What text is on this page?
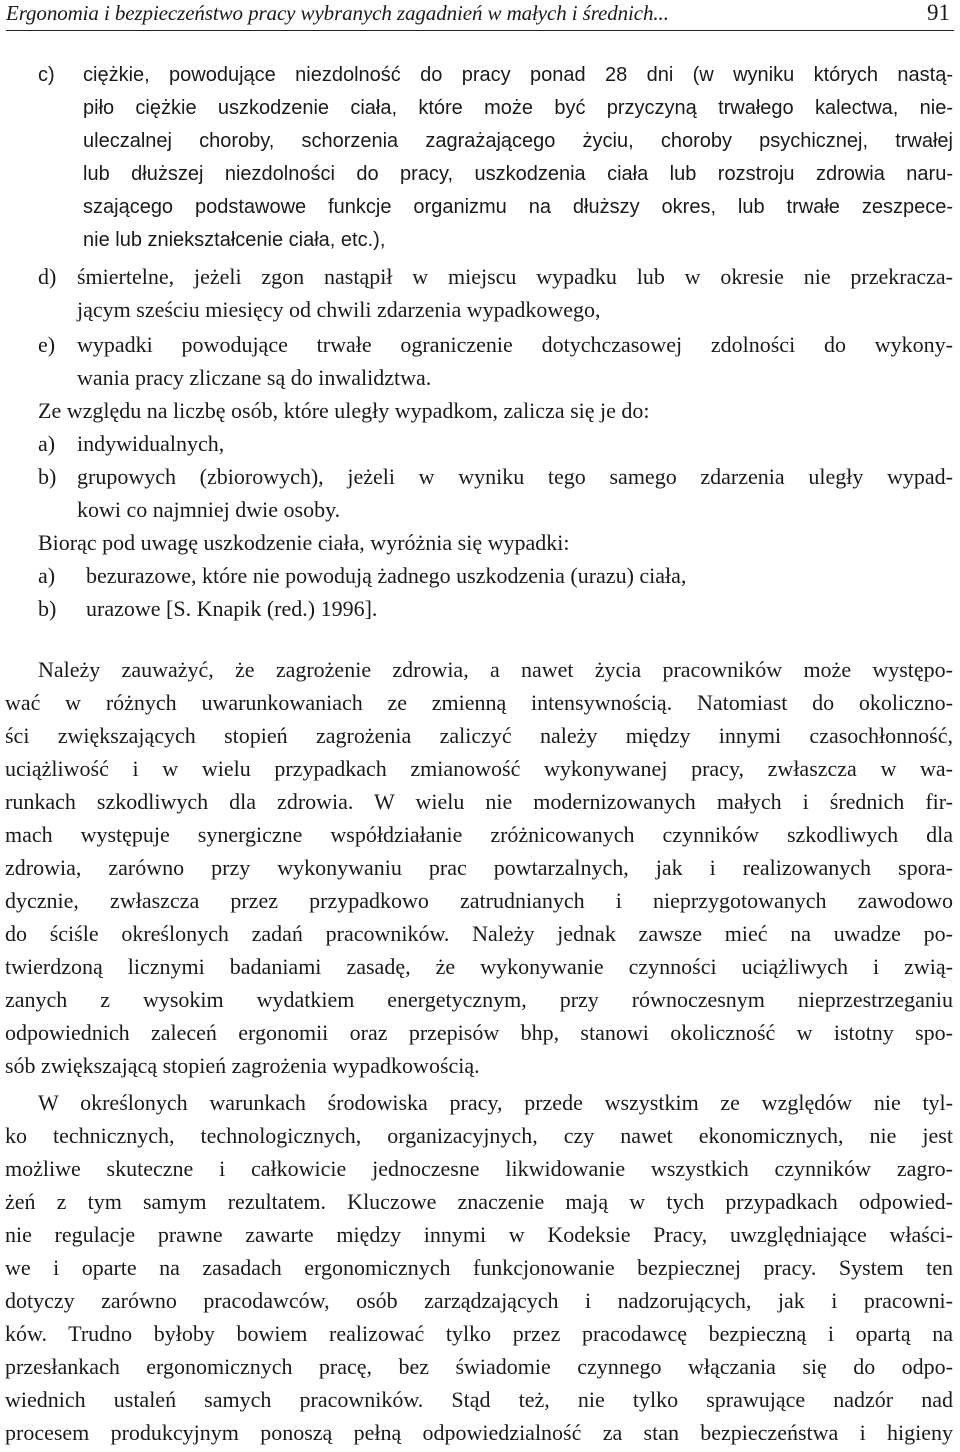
Ergonomia i bezpieczeństwo pracy wybranych zagadnień w małych i średnich...	91
c) ciężkie, powodujące niezdolność do pracy ponad 28 dni (w wyniku których nastą-
piło ciężkie uszkodzenie ciała, które może być przyczyną trwałego kalectwa, nie-
uleczalnej choroby, schorzenia zagrażającego życiu, choroby psychicznej, trwałej
lub dłuższej niezdolności do pracy, uszkodzenia ciała lub rozstroju zdrowia naru-
szającego podstawowe funkcje organizmu na dłuższy okres, lub trwałe zeszpece-
nie lub zniekształcenie ciała, etc.),
d) śmiertelne, jeżeli zgon nastąpił w miejscu wypadku lub w okresie nie przekracza-
jącym sześciu miesięcy od chwili zdarzenia wypadkowego,
e) wypadki powodujące trwałe ograniczenie dotychczasowej zdolności do wykony-
wania pracy zliczane są do inwalidztwa.
Ze względu na liczbę osób, które uległy wypadkom, zalicza się je do:
a) indywidualnych,
b) grupowych (zbiorowych), jeżeli w wyniku tego samego zdarzenia uległy wypad-
kowi co najmniej dwie osoby.
Biorąc pod uwagę uszkodzenie ciała, wyróżnia się wypadki:
a) bezurazowe, które nie powodują żadnego uszkodzenia (urazu) ciała,
b) urazowe [S. Knapik (red.) 1996].
Należy zauważyć, że zagrożenie zdrowia, a nawet życia pracowników może występo-
wać w różnych uwarunkowaniach ze zmienną intensywnością. Natomiast do okoliczno-
ści zwiększających stopień zagrożenia zaliczyć należy między innymi czasochłonność,
uciążliwość i w wielu przypadkach zmianowość wykonywanej pracy, zwłaszcza w wa-
runkach szkodliwych dla zdrowia. W wielu nie modernizowanych małych i średnich fir-
mach występuje synergiczne współdziałanie zróżnicowanych czynników szkodliwych dla
zdrowia, zarówno przy wykonywaniu prac powtarzalnych, jak i realizowanych spora-
dycznie, zwłaszcza przez przypadkowo zatrudnianych i nieprzygotowanych zawodowo
do ściśle określonych zadań pracowników. Należy jednak zawsze mieć na uwadze po-
twierdzoną licznymi badaniami zasadę, że wykonywanie czynności uciążliwych i zwią-
zanych z wysokim wydatkiem energetycznym, przy równoczesnym nieprzestrzeganiu
odpowiednich zaleceń ergonomii oraz przepisów bhp, stanowi okoliczność w istotny spo-
sób zwiększającą stopień zagrożenia wypadkowością.
W określonych warunkach środowiska pracy, przede wszystkim ze względów nie tyl-
ko technicznych, technologicznych, organizacyjnych, czy nawet ekonomicznych, nie jest
możliwe skuteczne i całkowicie jednoczesne likwidowanie wszystkich czynników zagro-
żeń z tym samym rezultatem. Kluczowe znaczenie mają w tych przypadkach odpowied-
nie regulacje prawne zawarte między innymi w Kodeksie Pracy, uwzględniające właści-
we i oparte na zasadach ergonomicznych funkcjonowanie bezpiecznej pracy. System ten
dotyczy zarówno pracodawców, osób zarządzających i nadzorujących, jak i pracowni-
ków. Trudno byłoby bowiem realizować tylko przez pracodawcę bezpieczną i opartą na
przesłankach ergonomicznych pracę, bez świadomie czynnego włączania się do odpo-
wiednich ustaleń samych pracowników. Stąd też, nie tylko sprawujące nadzór nad
procesem produkcyjnym ponoszą pełną odpowiedzialność za stan bezpieczeństwa i higieny
